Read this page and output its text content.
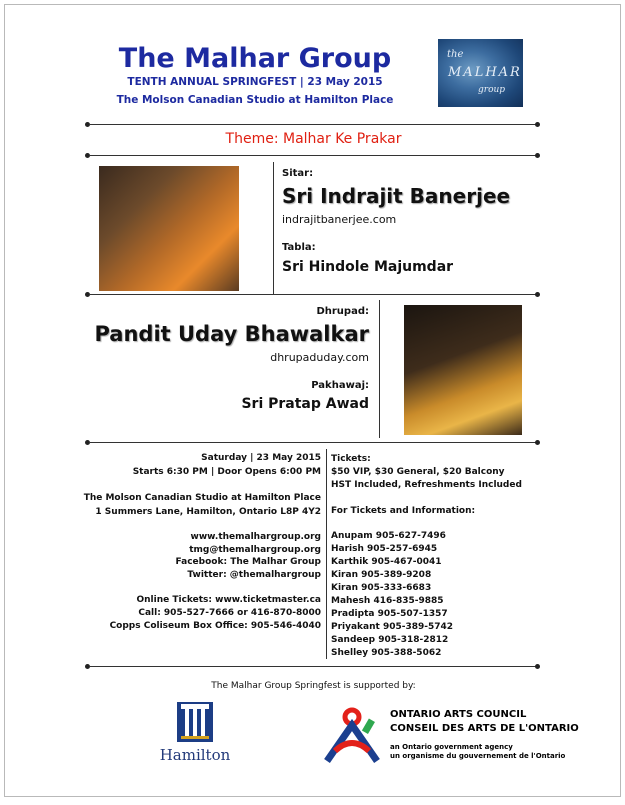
The Malhar Group
TENTH ANNUAL SPRINGFEST | 23 May 2015
The Molson Canadian Studio at Hamilton Place
the
MALHAR
group
Theme: Malhar Ke Prakar
Sitar:
Sri Indrajit Banerjee
indrajitbanerjee.com
Tabla:
Sri Hindole Majumdar
Dhrupad:
Pandit Uday Bhawalkar
dhrupaduday.com
Pakhawaj:
Sri Pratap Awad
Saturday | 23 May 2015
Starts 6:30 PM | Door Opens 6:00 PM
The Molson Canadian Studio at Hamilton Place
1 Summers Lane, Hamilton, Ontario L8P 4Y2
www.themalhargroup.org
tmg@themalhargroup.org
Facebook: The Malhar Group
Twitter: @themalhargroup
Online Tickets: www.ticketmaster.ca
Call: 905-527-7666 or 416-870-8000
Copps Coliseum Box Office: 905-546-4040
Tickets:
$50 VIP, $30 General, $20 Balcony
HST Included, Refreshments Included
For Tickets and Information:
Anupam 905-627-7496
Harish 905-257-6945
Karthik 905-467-0041
Kiran 905-389-9208
Kiran 905-333-6683
Mahesh 416-835-9885
Pradipta 905-507-1357
Priyakant 905-389-5742
Sandeep 905-318-2812
Shelley 905-388-5062
The Malhar Group Springfest is supported by:
Hamilton
ONTARIO ARTS COUNCIL
CONSEIL DES ARTS DE L'ONTARIO
an Ontario government agency
un organisme du gouvernement de l'Ontario
